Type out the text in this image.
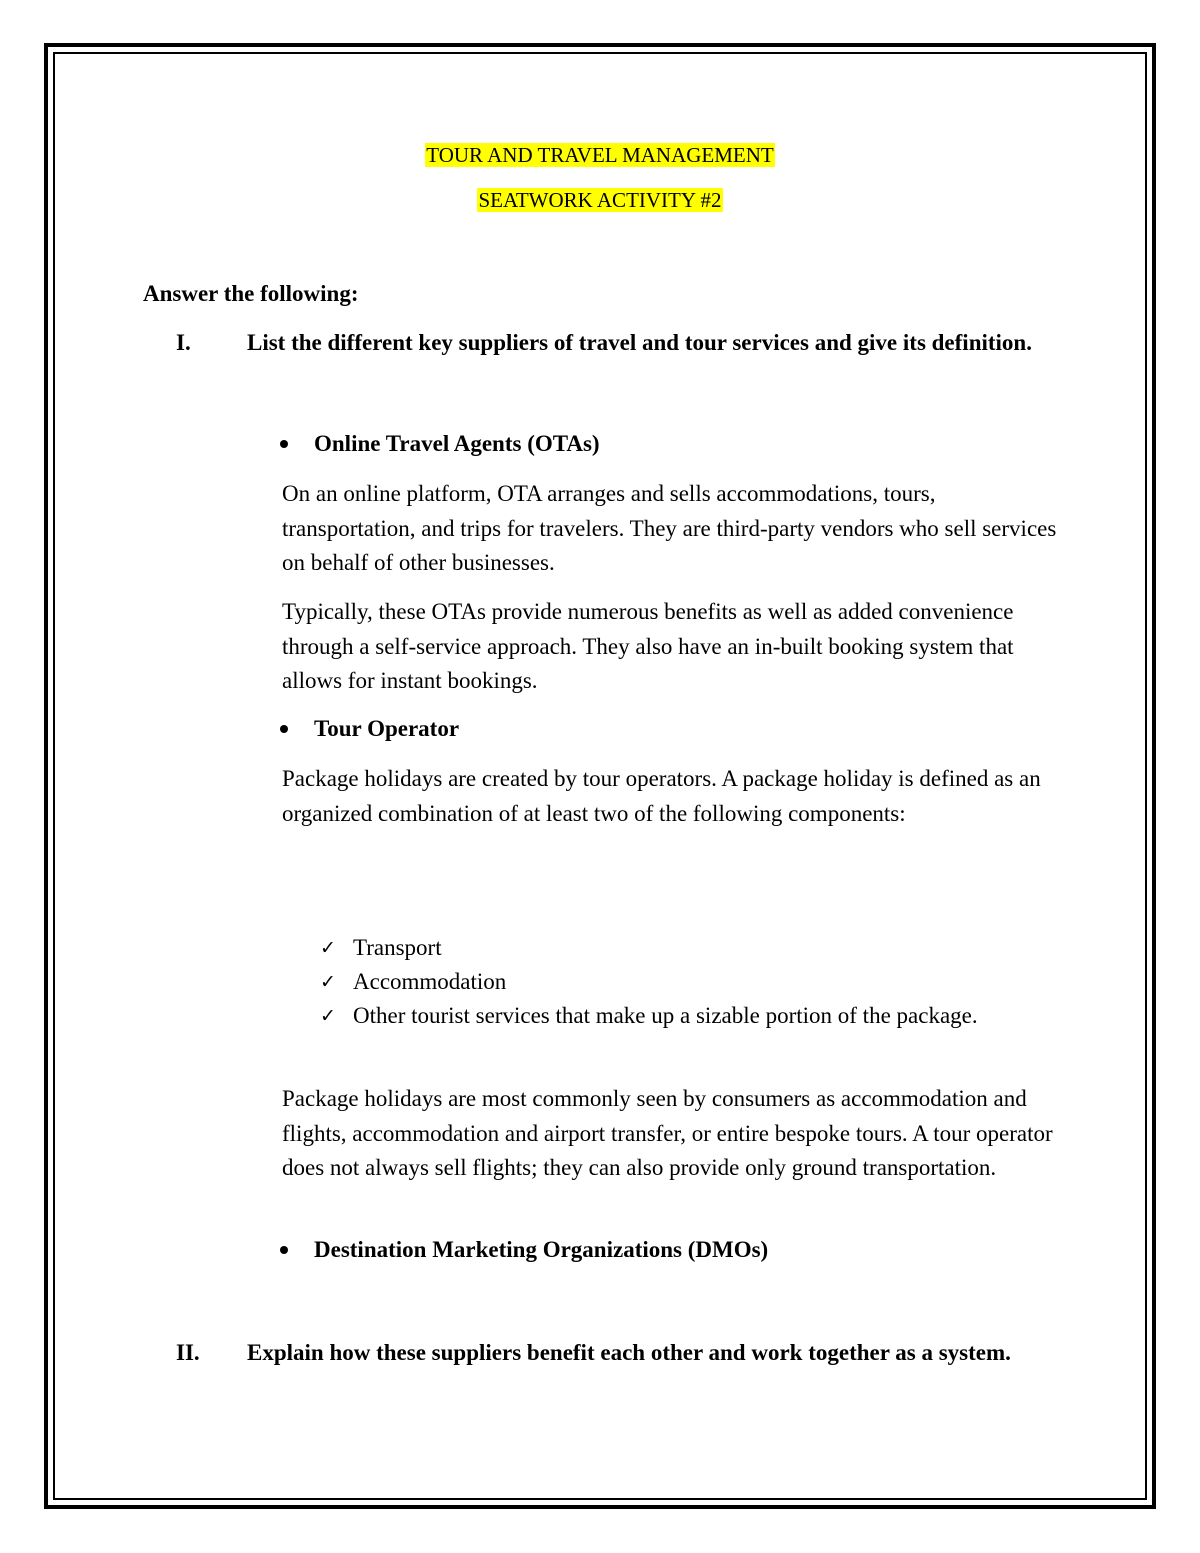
TOUR AND TRAVEL MANAGEMENT
SEATWORK ACTIVITY #2
Answer the following:
I. List the different key suppliers of travel and tour services and give its definition.
Online Travel Agents (OTAs)
On an online platform, OTA arranges and sells accommodations, tours, transportation, and trips for travelers. They are third-party vendors who sell services on behalf of other businesses.
Typically, these OTAs provide numerous benefits as well as added convenience through a self-service approach. They also have an in-built booking system that allows for instant bookings.
Tour Operator
Package holidays are created by tour operators. A package holiday is defined as an organized combination of at least two of the following components:
✓ Transport
✓ Accommodation
✓ Other tourist services that make up a sizable portion of the package.
Package holidays are most commonly seen by consumers as accommodation and flights, accommodation and airport transfer, or entire bespoke tours. A tour operator does not always sell flights; they can also provide only ground transportation.
Destination Marketing Organizations (DMOs)
II. Explain how these suppliers benefit each other and work together as a system.
